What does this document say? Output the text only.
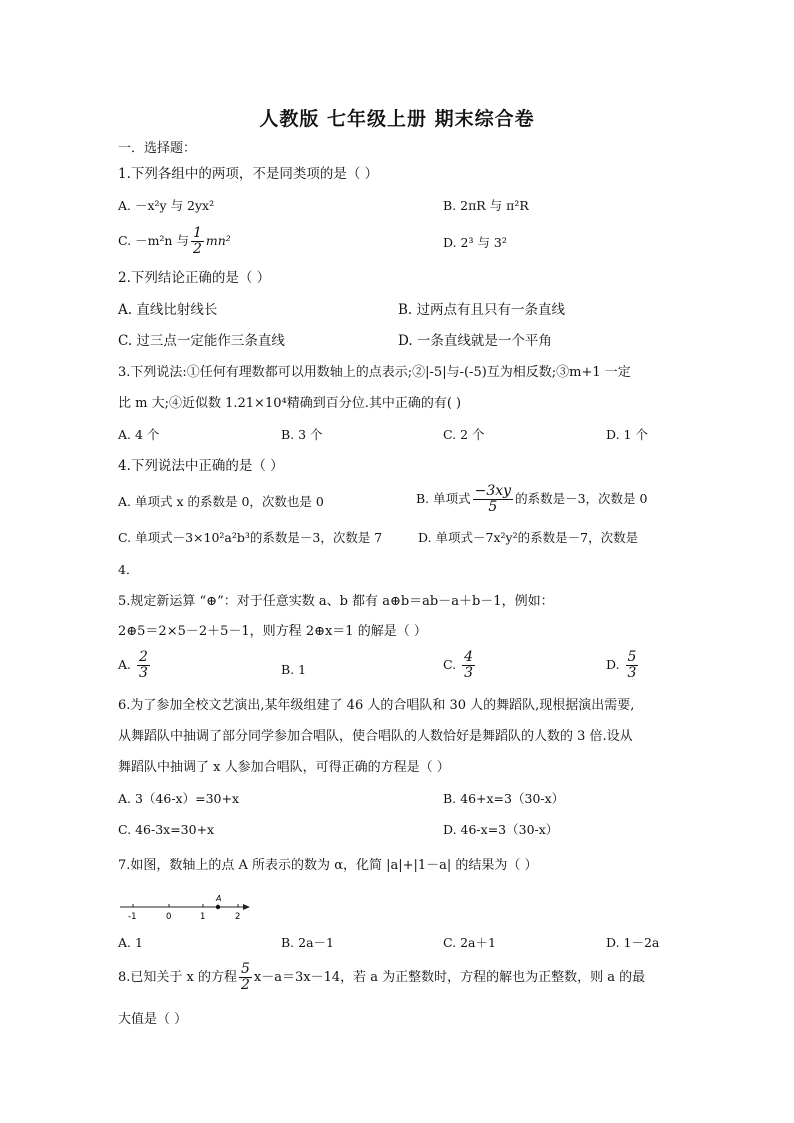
人教版 七年级上册 期末综合卷
一．选择题：
1.下列各组中的两项，不是同类项的是（ ）
A. －x²y 与 2yx²	B. 2πR 与 π²R
C. －m²n 与 $\frac{1}{2} mn^2$	D. 2³ 与 3²
2.下列结论正确的是（ ）
A. 直线比射线长	B. 过两点有且只有一条直线
C. 过三点一定能作三条直线	D. 一条直线就是一个平角
3.下列说法:①任何有理数都可以用数轴上的点表示;②|-5|与-(-5)互为相反数;③m+1 一定
比 m 大;④近似数 1.21×10⁴精确到百分位.其中正确的有( )
A. 4 个	B. 3 个	C. 2 个	D. 1 个
4.下列说法中正确的是（ ）
A. 单项式 x 的系数是 0，次数也是 0	B. 单项式 $\frac{-3xy}{5}$ 的系数是－3，次数是 0
C. 单项式－3×10²a²b³的系数是－3，次数是 7	D. 单项式－7x²y²的系数是－7，次数是
4．
5.规定新运算 “⊕”：对于任意实数 a、b 都有 a⊕b＝ab－a＋b－1，例如：
2⊕5＝2×5－2＋5－1，则方程 2⊕x＝1 的解是（ ）
A. $\frac{2}{3}$	B. 1	C. $\frac{4}{3}$	D. $\frac{5}{3}$
6.为了参加全校文艺演出,某年级组建了 46 人的合唱队和 30 人的舞蹈队,现根据演出需要,
从舞蹈队中抽调了部分同学参加合唱队，使合唱队的人数恰好是舞蹈队的人数的 3 倍.设从
舞蹈队中抽调了 x 人参加合唱队，可得正确的方程是（ ）
A. 3（46-x）=30+x	B. 46+x=3（30-x）
C. 46-3x=30+x	D. 46-x=3（30-x）
7.如图，数轴上的点 A 所表示的数为 α，化简 |a|+|1－a| 的结果为（ ）
A
-1	0	1	2
A. 1	B. 2a－1	C. 2a＋1	D. 1－2a
8.已知关于 x 的方程 $\frac{5}{2} x-a=3x-14$，若 a 为正整数时，方程的解也为正整数，则 a 的最
大值是（ ）
